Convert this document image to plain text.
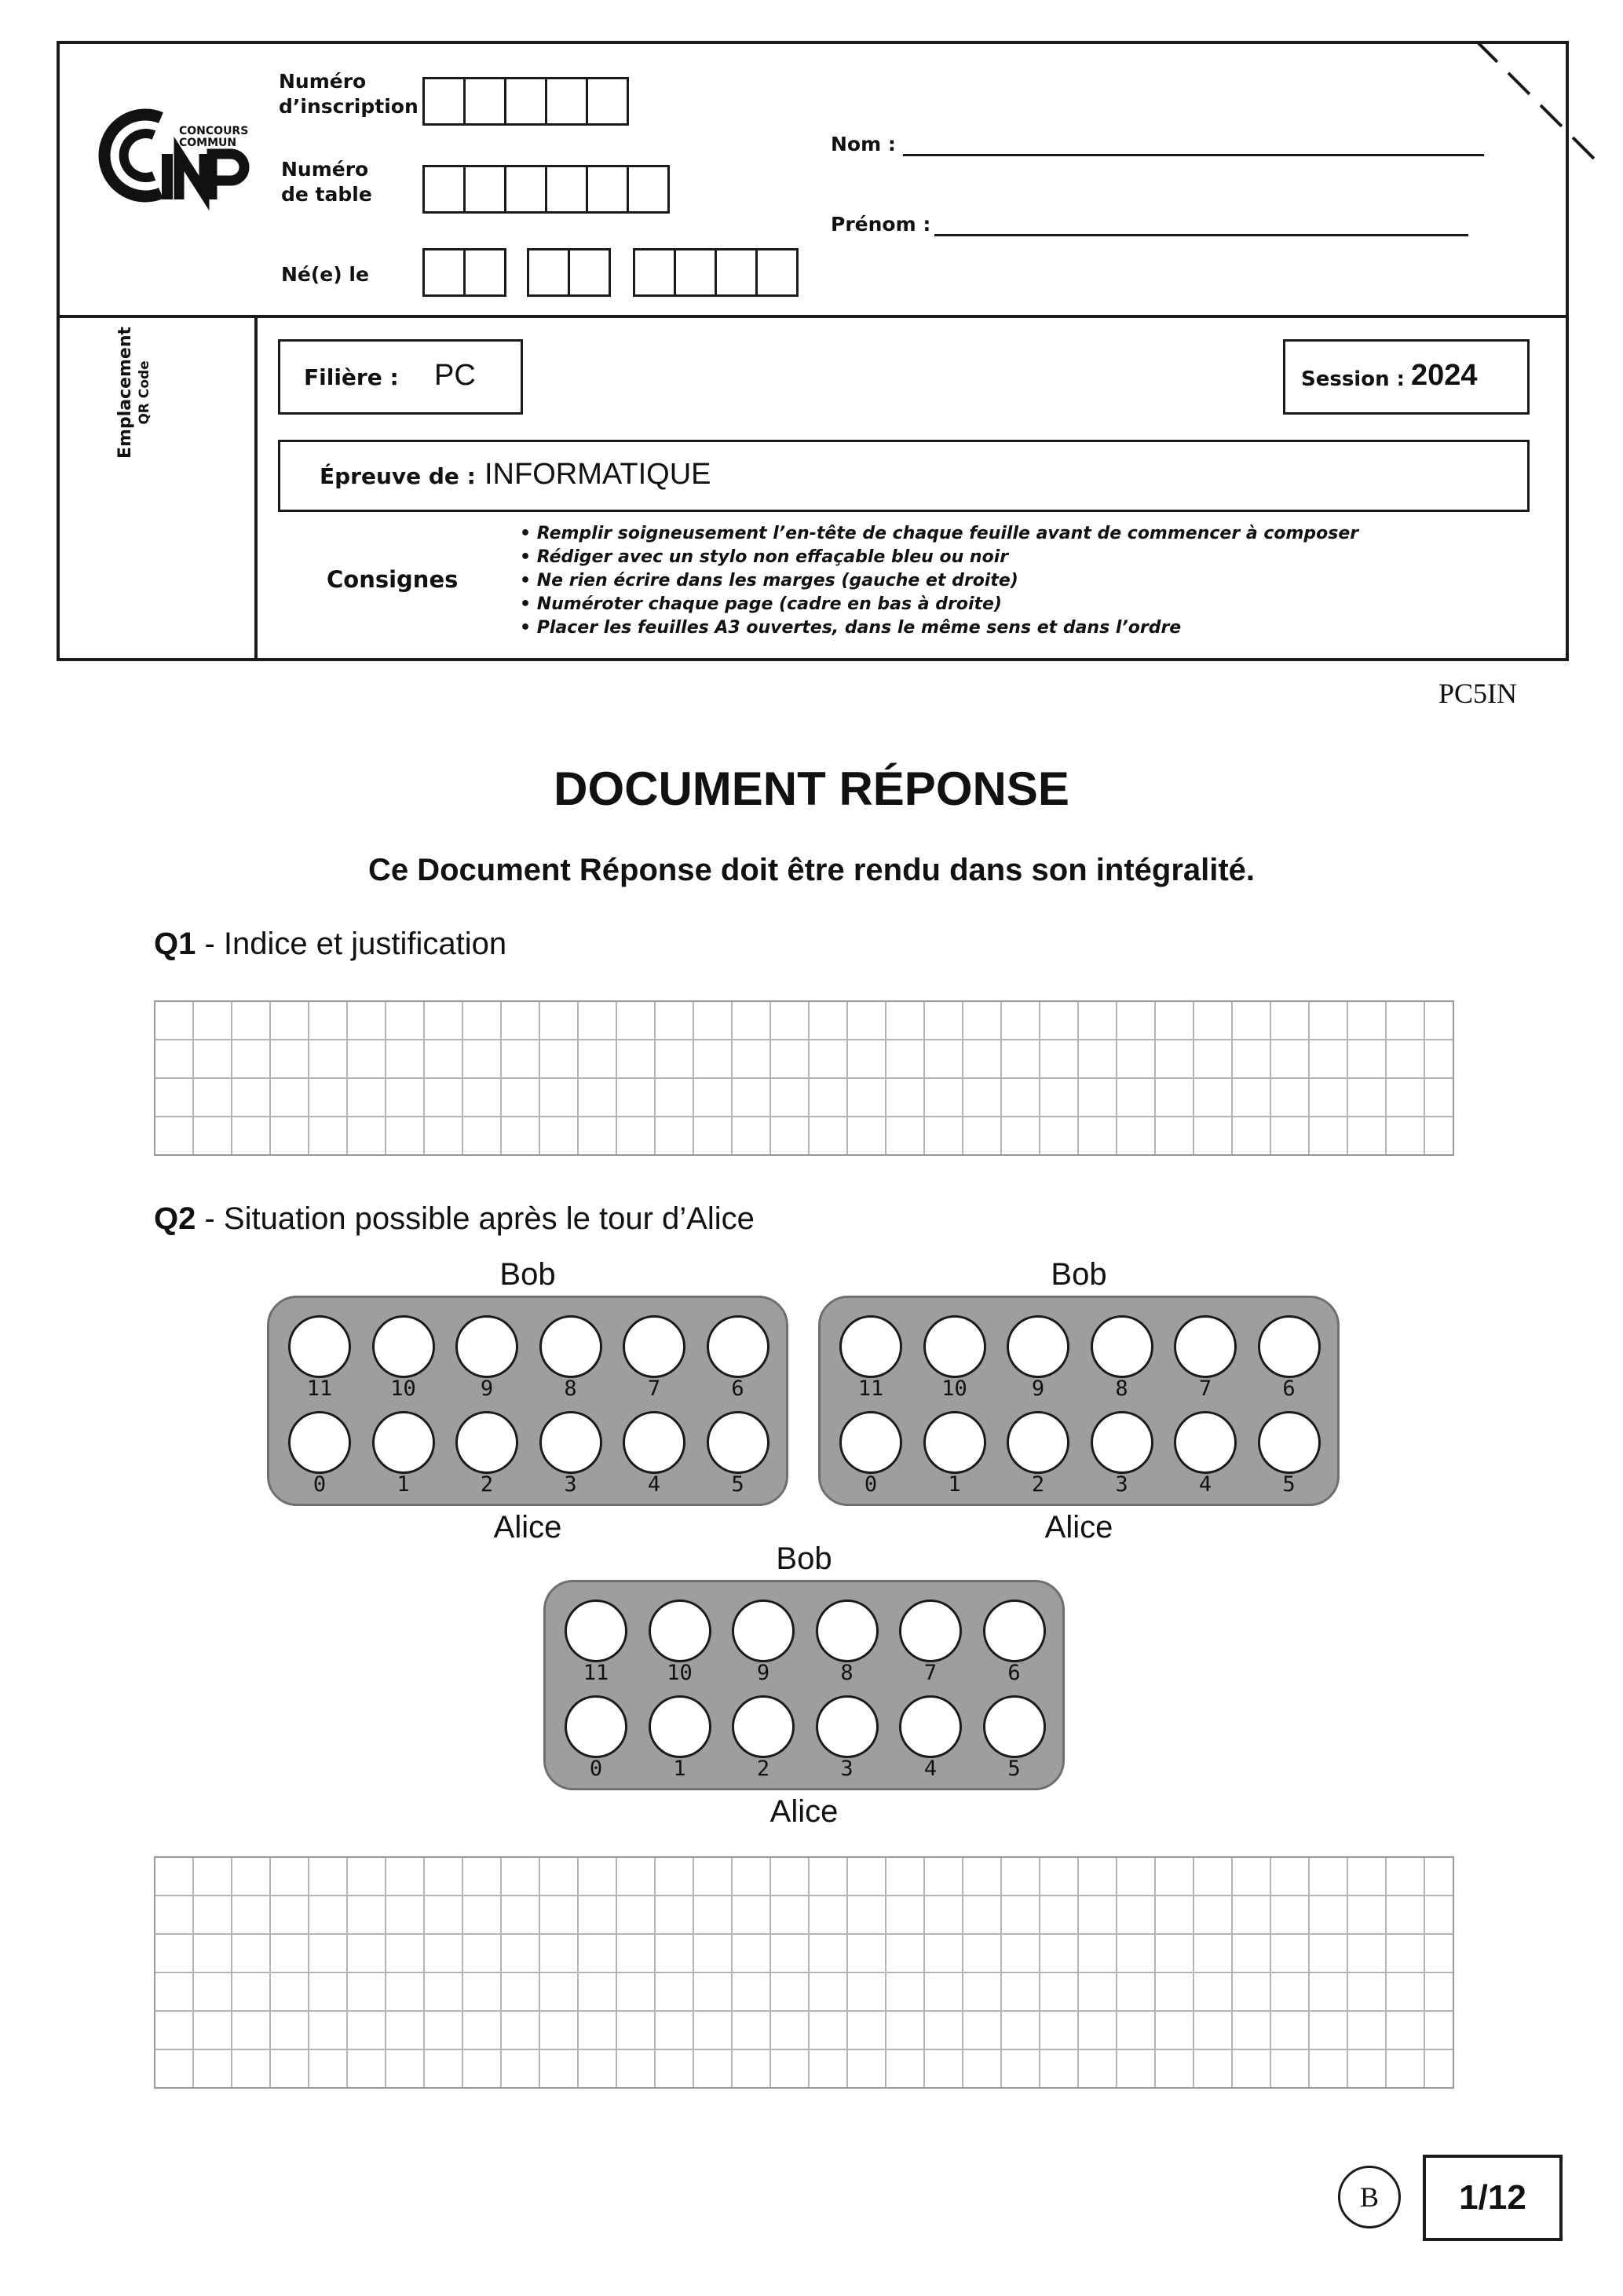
CONCOURS
COMMUN
Numéro d’inscription
Numéro de table
Né(e) le
Nom :
Prénom :
Emplacement QR Code	Filière : PC	Session : 2024
Épreuve de : INFORMATIQUE
Consignes
• Remplir soigneusement l’en-tête de chaque feuille avant de commencer à composer
• Rédiger avec un stylo non effaçable bleu ou noir
• Ne rien écrire dans les marges (gauche et droite)
• Numéroter chaque page (cadre en bas à droite)
• Placer les feuilles A3 ouvertes, dans le même sens et dans l’ordre
PC5IN
DOCUMENT RÉPONSE
Ce Document Réponse doit être rendu dans son intégralité.
Q1 - Indice et justification
Q2 - Situation possible après le tour d’Alice
Bob
11	10	9	8	7	6
0	1	2	3	4	5
Alice
Bob
11	10	9	8	7	6
0	1	2	3	4	5
Alice
Bob
11	10	9	8	7	6
0	1	2	3	4	5
Alice
B	1/12
